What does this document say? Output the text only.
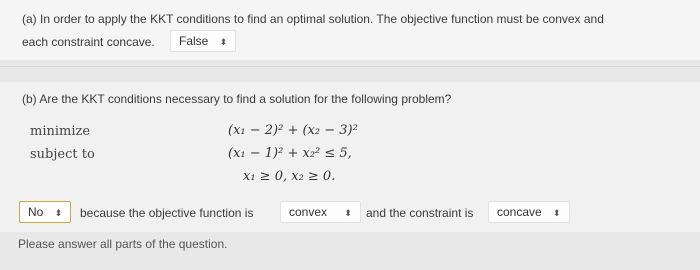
(a) In order to apply the KKT conditions to find an optimal solution. The objective function must be convex and
each constraint concave.	False ⬍
(b) Are the KKT conditions necessary to find a solution for the following problem?
minimize
subject to
(x₁ − 2)² + (x₂ − 3)²
(x₁ − 1)² + x₂² ≤ 5,
x₁ ≥ 0, x₂ ≥ 0.
No ⬍	because the objective function is	convex ⬍	and the constraint is	concave ⬍
Please answer all parts of the question.
